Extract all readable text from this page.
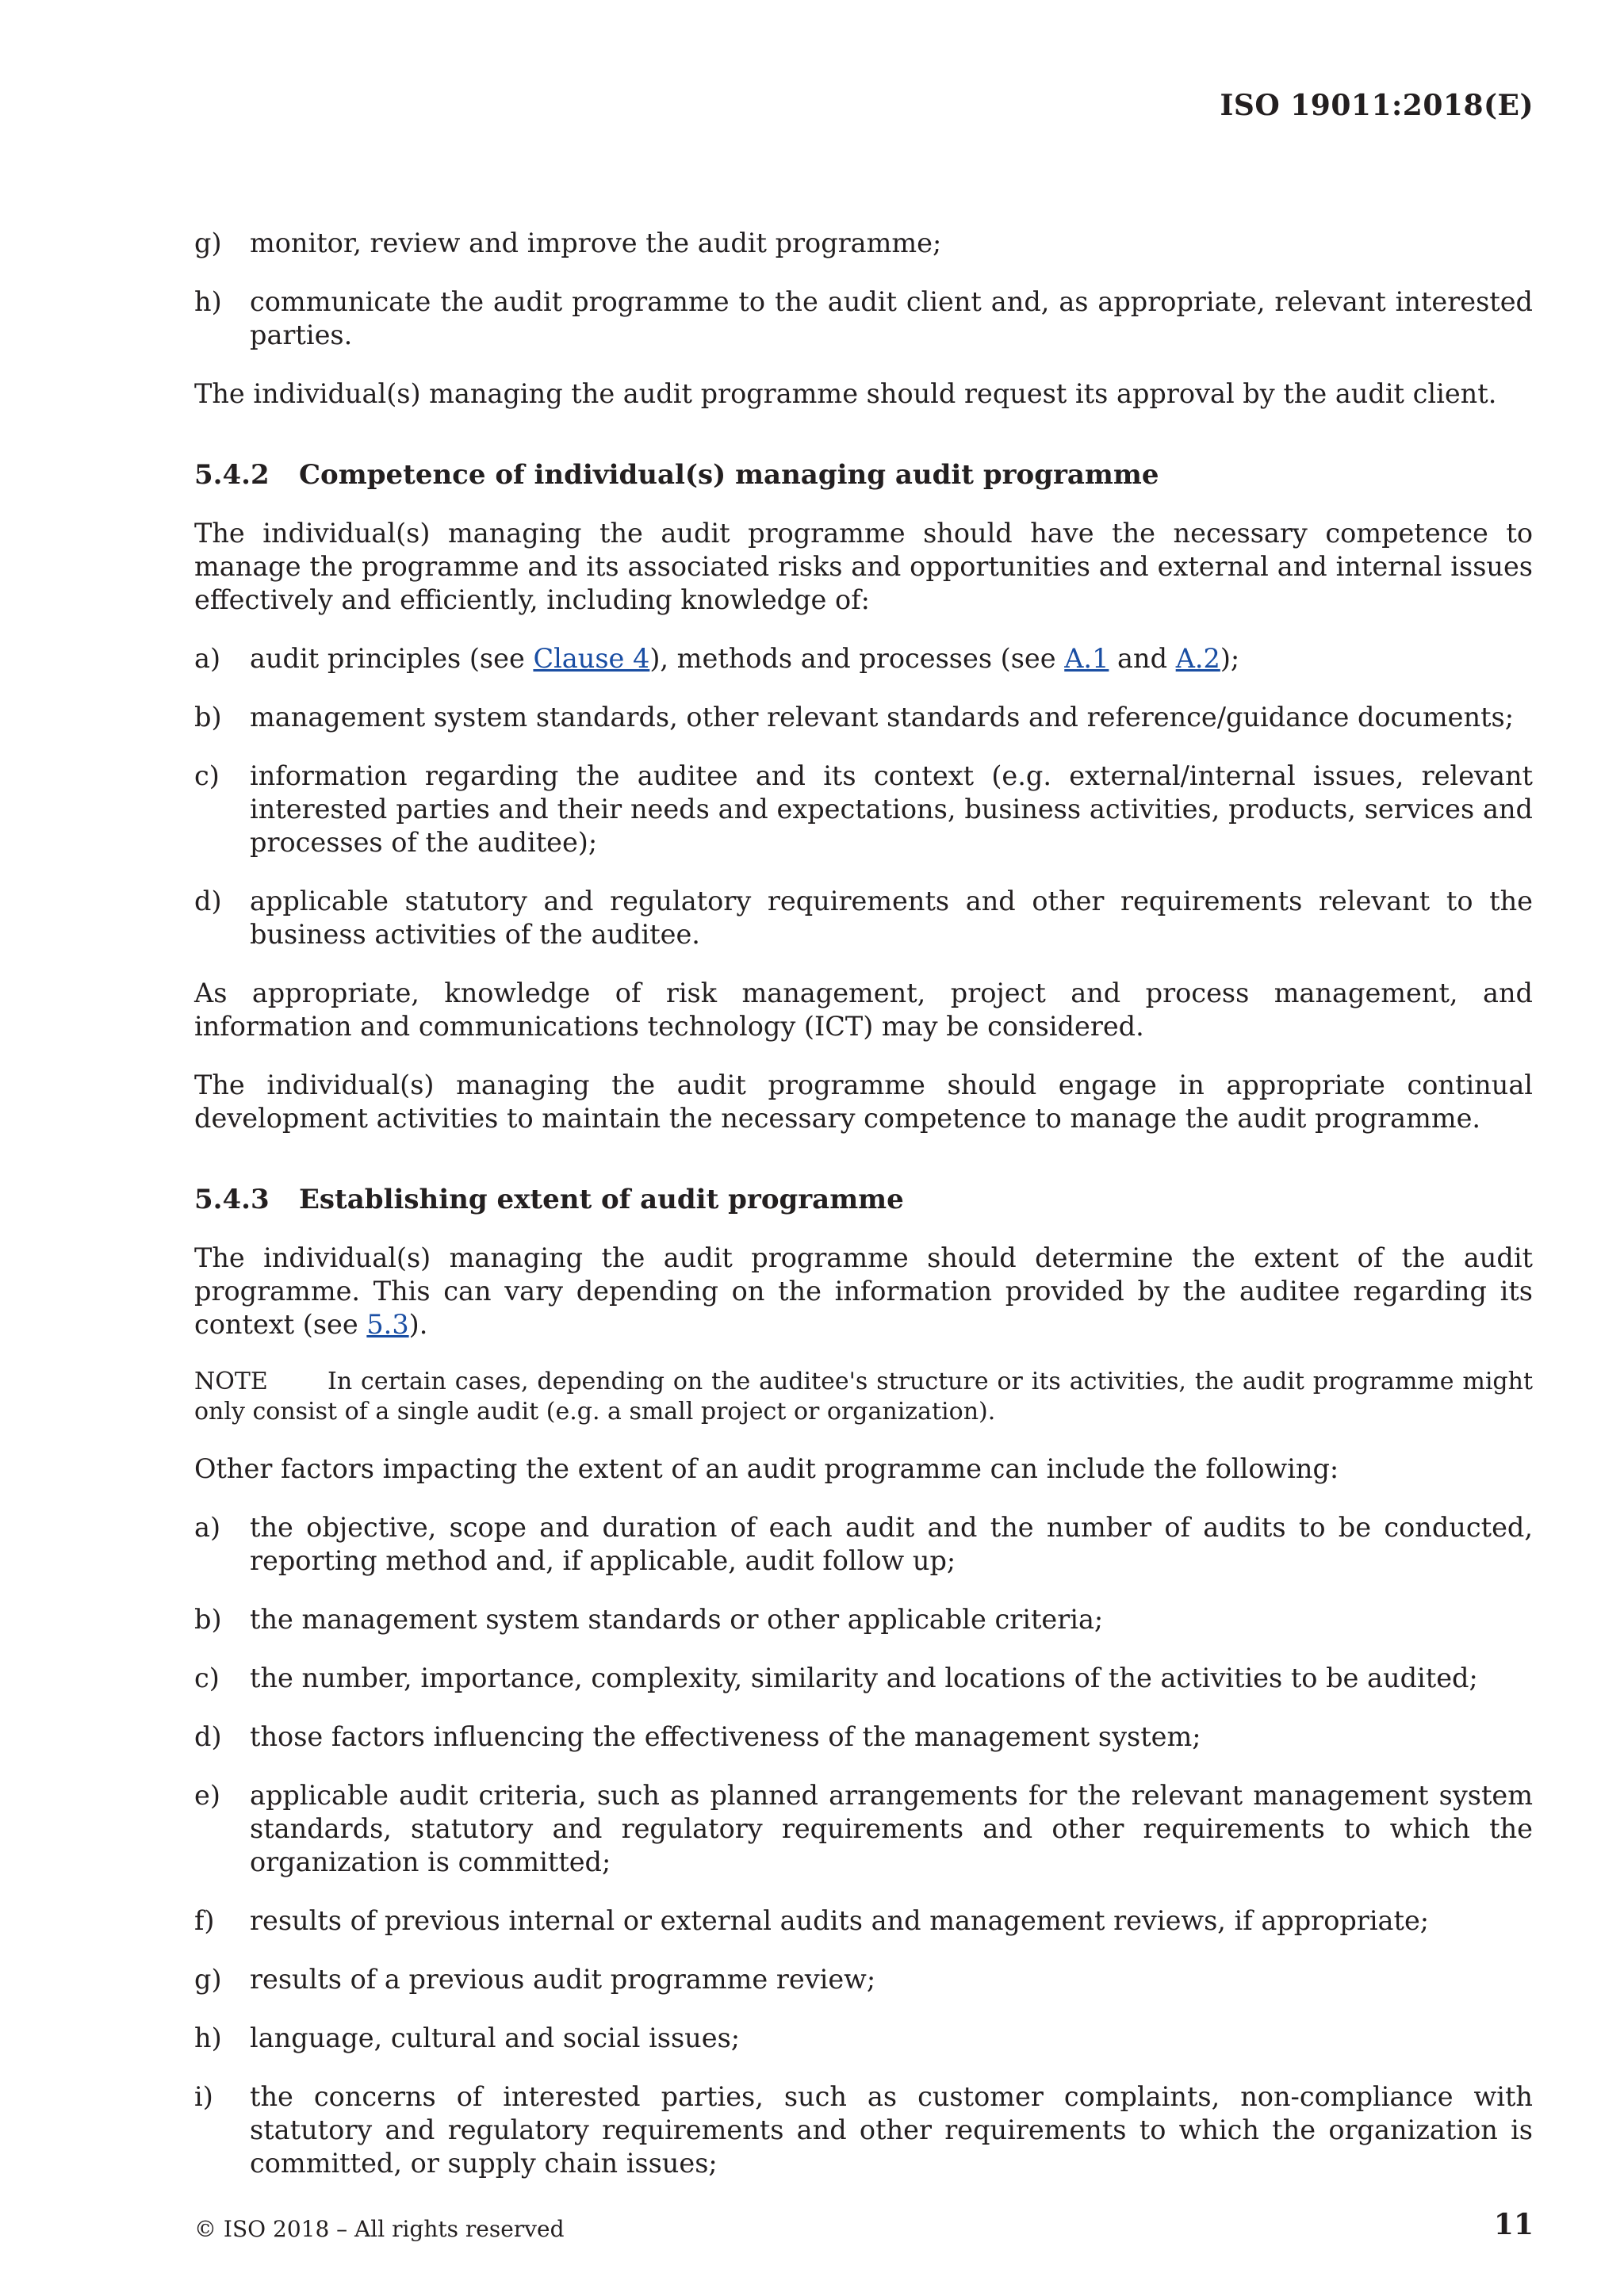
ISO 19011:2018(E)
g)	monitor, review and improve the audit programme;
h)	communicate the audit programme to the audit client and, as appropriate, relevant interested parties.

The individual(s) managing the audit programme should request its approval by the audit client.

5.4.2	Competence of individual(s) managing audit programme

The individual(s) managing the audit programme should have the necessary competence to manage the programme and its associated risks and opportunities and external and internal issues effectively and efficiently, including knowledge of:

a)	audit principles (see Clause 4), methods and processes (see A.1 and A.2);
b)	management system standards, other relevant standards and reference/guidance documents;
c)	information regarding the auditee and its context (e.g. external/internal issues, relevant interested parties and their needs and expectations, business activities, products, services and processes of the auditee);
d)	applicable statutory and regulatory requirements and other requirements relevant to the business activities of the auditee.

As appropriate, knowledge of risk management, project and process management, and information and communications technology (ICT) may be considered.

The individual(s) managing the audit programme should engage in appropriate continual development activities to maintain the necessary competence to manage the audit programme.

5.4.3	Establishing extent of audit programme

The individual(s) managing the audit programme should determine the extent of the audit programme. This can vary depending on the information provided by the auditee regarding its context (see 5.3).

NOTE	In certain cases, depending on the auditee's structure or its activities, the audit programme might only consist of a single audit (e.g. a small project or organization).

Other factors impacting the extent of an audit programme can include the following:

a)	the objective, scope and duration of each audit and the number of audits to be conducted, reporting method and, if applicable, audit follow up;
b)	the management system standards or other applicable criteria;
c)	the number, importance, complexity, similarity and locations of the activities to be audited;
d)	those factors influencing the effectiveness of the management system;
e)	applicable audit criteria, such as planned arrangements for the relevant management system standards, statutory and regulatory requirements and other requirements to which the organization is committed;
f)	results of previous internal or external audits and management reviews, if appropriate;
g)	results of a previous audit programme review;
h)	language, cultural and social issues;
i)	the concerns of interested parties, such as customer complaints, non-compliance with statutory and regulatory requirements and other requirements to which the organization is committed, or supply chain issues;
© ISO 2018 – All rights reserved	11
